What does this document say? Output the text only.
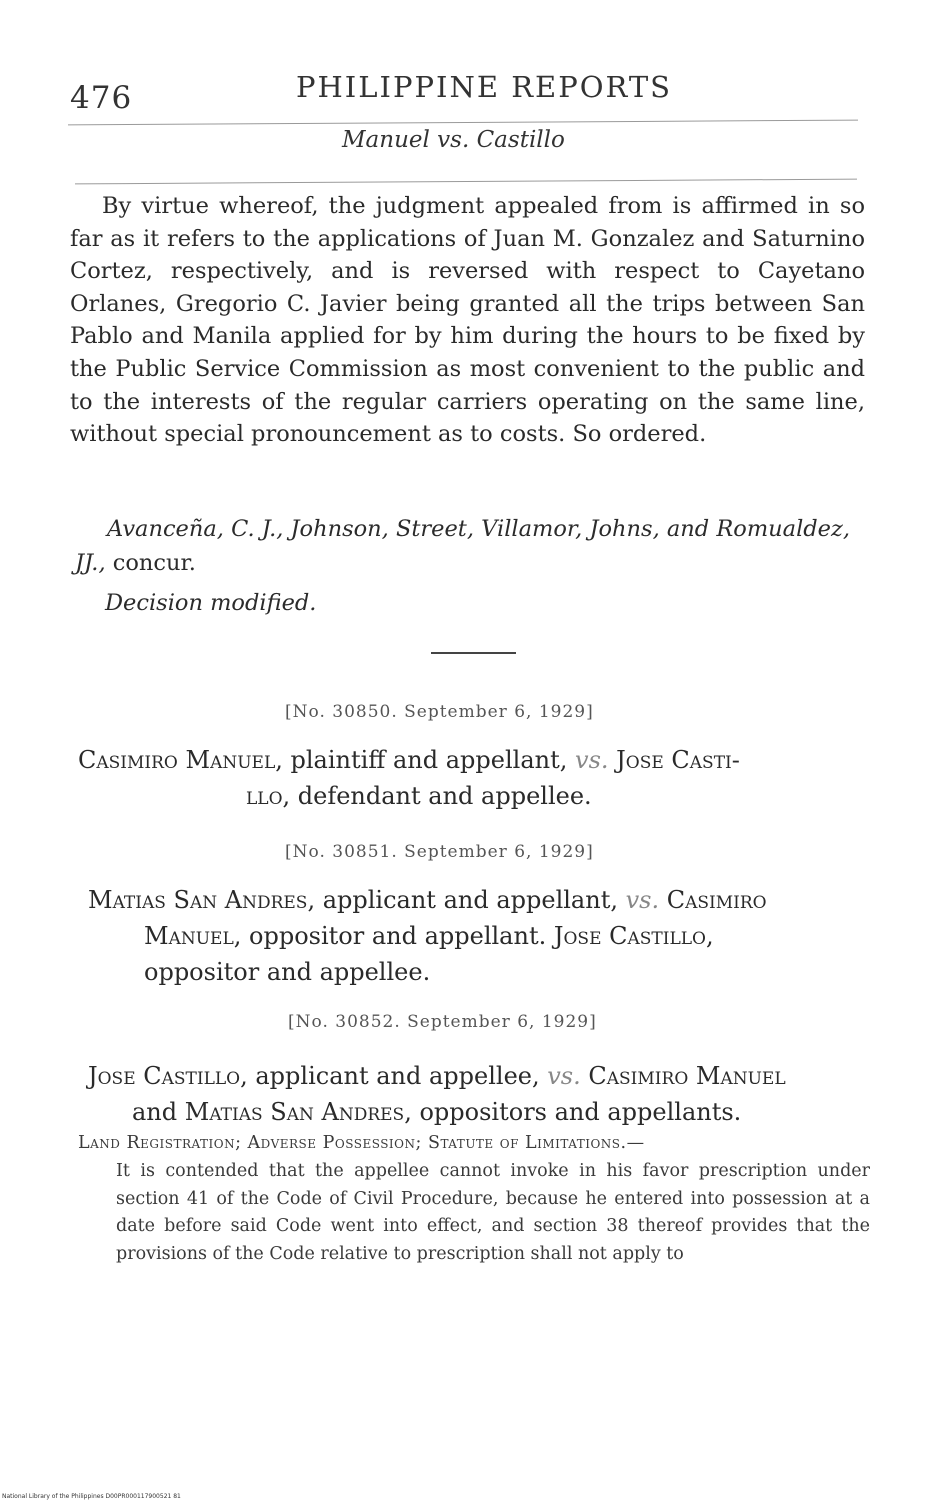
476	PHILIPPINE REPORTS
Manuel vs. Castillo

By virtue whereof, the judgment appealed from is affirmed in so far as it refers to the applications of Juan M. Gonzalez and Saturnino Cortez, respectively, and is reversed with respect to Cayetano Orlanes, Gregorio C. Javier being granted all the trips between San Pablo and Manila applied for by him during the hours to be fixed by the Public Service Commission as most convenient to the public and to the interests of the regular carriers operating on the same line, without special pronouncement as to costs. So ordered.

Avanceña, C. J., Johnson, Street, Villamor, Johns, and Romualdez, JJ., concur.
Decision modified.
[No. 30850. September 6, 1929]
Casimiro Manuel, plaintiff and appellant, vs. Jose Casti-
llo, defendant and appellee.
[No. 30851. September 6, 1929]
Matias San Andres, applicant and appellant, vs. Casimiro
Manuel, oppositor and appellant. Jose Castillo,
oppositor and appellee.
[No. 30852. September 6, 1929]
Jose Castillo, applicant and appellee, vs. Casimiro Manuel
and Matias San Andres, oppositors and appellants.
Land Registration; Adverse Possession; Statute of Limitations.—
It is contended that the appellee cannot invoke in his favor prescription under section 41 of the Code of Civil Procedure, because he entered into possession at a date before said Code went into effect, and section 38 thereof provides that the provisions of the Code relative to prescription shall not apply to
National Library of the Philippines D00PR000117900521 81
